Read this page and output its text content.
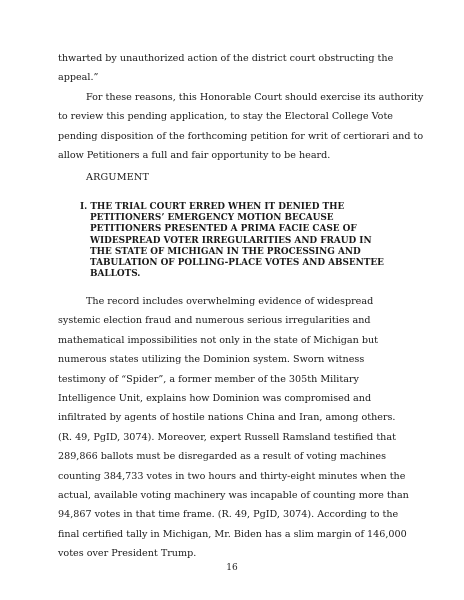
thwarted by unauthorized action of the district court obstructing the
appeal.”
For these reasons, this Honorable Court should exercise its authority
to review this pending application, to stay the Electoral College Vote
pending disposition of the forthcoming petition for writ of certiorari and to
allow Petitioners a full and fair opportunity to be heard.
ARGUMENT
I. THE TRIAL COURT ERRED WHEN IT DENIED THE
PETITIONERS’ EMERGENCY MOTION BECAUSE
PETITIONERS PRESENTED A PRIMA FACIE CASE OF
WIDESPREAD VOTER IRREGULARITIES AND FRAUD IN
THE STATE OF MICHIGAN IN THE PROCESSING AND
TABULATION OF POLLING-PLACE VOTES AND ABSENTEE
BALLOTS.
The record includes overwhelming evidence of widespread
systemic election fraud and numerous serious irregularities and
mathematical impossibilities not only in the state of Michigan but
numerous states utilizing the Dominion system. Sworn witness
testimony of “Spider”, a former member of the 305th Military
Intelligence Unit, explains how Dominion was compromised and
infiltrated by agents of hostile nations China and Iran, among others.
(R. 49, PgID, 3074). Moreover, expert Russell Ramsland testified that
289,866 ballots must be disregarded as a result of voting machines
counting 384,733 votes in two hours and thirty-eight minutes when the
actual, available voting machinery was incapable of counting more than
94,867 votes in that time frame. (R. 49, PgID, 3074). According to the
final certified tally in Michigan, Mr. Biden has a slim margin of 146,000
votes over President Trump.
16
